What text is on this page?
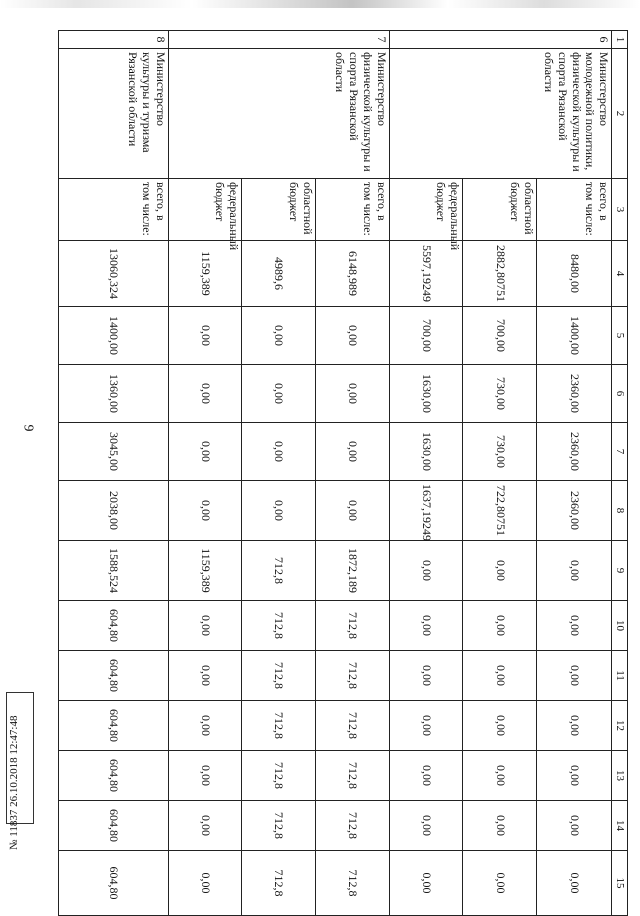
9
1	2	3	4	5	6	7	8	9	10	11	12	13	14	15
6	Министерство молодежной политики, физической культуры и спорта Рязанской области	всего, в том числе:	8480,00	1400,00	2360,00	2360,00	2360,00	0,00	0,00	0,00	0,00	0,00	0,00	0,00
		областной бюджет	2882,80751	700,00	730,00	730,00	722,80751	0,00	0,00	0,00	0,00	0,00	0,00	0,00
		федеральный бюджет	5597,19249	700,00	1630,00	1630,00	1637,19249	0,00	0,00	0,00	0,00	0,00	0,00	0,00
7	Министерство физической культуры и спорта Рязанской области	всего, в том числе:	6148,989	0,00	0,00	0,00	0,00	1872,189	712,8	712,8	712,8	712,8	712,8	712,8
		областной бюджет	4989,6	0,00	0,00	0,00	0,00	712,8	712,8	712,8	712,8	712,8	712,8	712,8
		федеральный бюджет	1159,389	0,00	0,00	0,00	0,00	1159,389	0,00	0,00	0,00	0,00	0,00	0,00
8	Министерство культуры и туризма Рязанской области	всего, в том числе:	13060,324	1400,00	1360,00	3045,00	2038,00	1588,524	604,80	604,80	604,80	604,80	604,80	604,80
№ 11837 26.10.2018 12:47:48
